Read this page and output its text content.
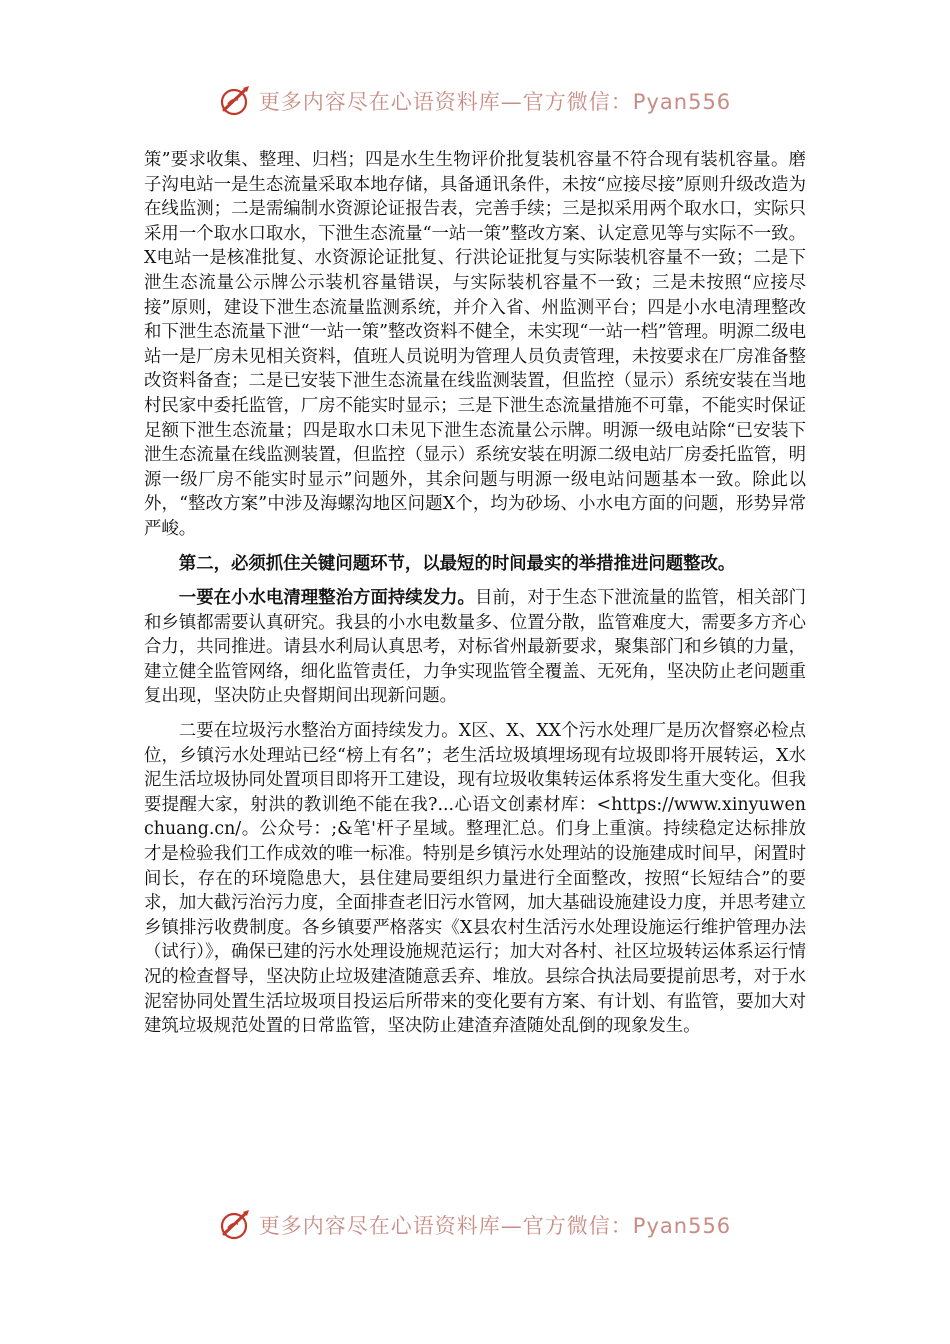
更多内容尽在心语资料库—官方微信：Pyan556

策”要求收集、整理、归档；四是水生生物评价批复装机容量不符合现有装机容量。磨子沟电站一是生态流量采取本地存储，具备通讯条件，未按“应接尽接”原则升级改造为在线监测；二是需编制水资源论证报告表，完善手续；三是拟采用两个取水口，实际只采用一个取水口取水，下泄生态流量“一站一策”整改方案、认定意见等与实际不一致。X电站一是核准批复、水资源论证批复、行洪论证批复与实际装机容量不一致；二是下泄生态流量公示牌公示装机容量错误，与实际装机容量不一致；三是未按照“应接尽接”原则，建设下泄生态流量监测系统，并介入省、州监测平台；四是小水电清理整改和下泄生态流量下泄“一站一策”整改资料不健全，未实现“一站一档”管理。明源二级电站一是厂房未见相关资料，值班人员说明为管理人员负责管理，未按要求在厂房准备整改资料备查；二是已安装下泄生态流量在线监测装置，但监控（显示）系统安装在当地村民家中委托监管，厂房不能实时显示；三是下泄生态流量措施不可靠，不能实时保证足额下泄生态流量；四是取水口未见下泄生态流量公示牌。明源一级电站除“已安装下泄生态流量在线监测装置，但监控（显示）系统安装在明源二级电站厂房委托监管，明源一级厂房不能实时显示”问题外，其余问题与明源一级电站问题基本一致。除此以外，“整改方案”中涉及海螺沟地区问题X个，均为砂场、小水电方面的问题，形势异常严峻。

第二，必须抓住关键问题环节，以最短的时间最实的举措推进问题整改。

一要在小水电清理整治方面持续发力。目前，对于生态下泄流量的监管，相关部门和乡镇都需要认真研究。我县的小水电数量多、位置分散，监管难度大，需要多方齐心合力，共同推进。请县水利局认真思考，对标省州最新要求，聚集部门和乡镇的力量，建立健全监管网络，细化监管责任，力争实现监管全覆盖、无死角，坚决防止老问题重复出现，坚决防止央督期间出现新问题。

二要在垃圾污水整治方面持续发力。X区、X、XX个污水处理厂是历次督察必检点位，乡镇污水处理站已经“榜上有名”；老生活垃圾填埋场现有垃圾即将开展转运，X水泥生活垃圾协同处置项目即将开工建设，现有垃圾收集转运体系将发生重大变化。但我要提醒大家，射洪的教训绝不能在我?...心语文创素材库：<https://www.xinyuwenchuang.cn/。公众号：;&笔'杆子星域。整理汇总。们身上重演。持续稳定达标排放才是检验我们工作成效的唯一标准。特别是乡镇污水处理站的设施建成时间早，闲置时间长，存在的环境隐患大，县住建局要组织力量进行全面整改，按照“长短结合”的要求，加大截污治污力度，全面排查老旧污水管网，加大基础设施建设力度，并思考建立乡镇排污收费制度。各乡镇要严格落实《X县农村生活污水处理设施运行维护管理办法（试行）》，确保已建的污水处理设施规范运行；加大对各村、社区垃圾转运体系运行情况的检查督导，坚决防止垃圾建渣随意丢弃、堆放。县综合执法局要提前思考，对于水泥窑协同处置生活垃圾项目投运后所带来的变化要有方案、有计划、有监管，要加大对建筑垃圾规范处置的日常监管，坚决防止建渣弃渣随处乱倒的现象发生。

更多内容尽在心语资料库—官方微信：Pyan556
